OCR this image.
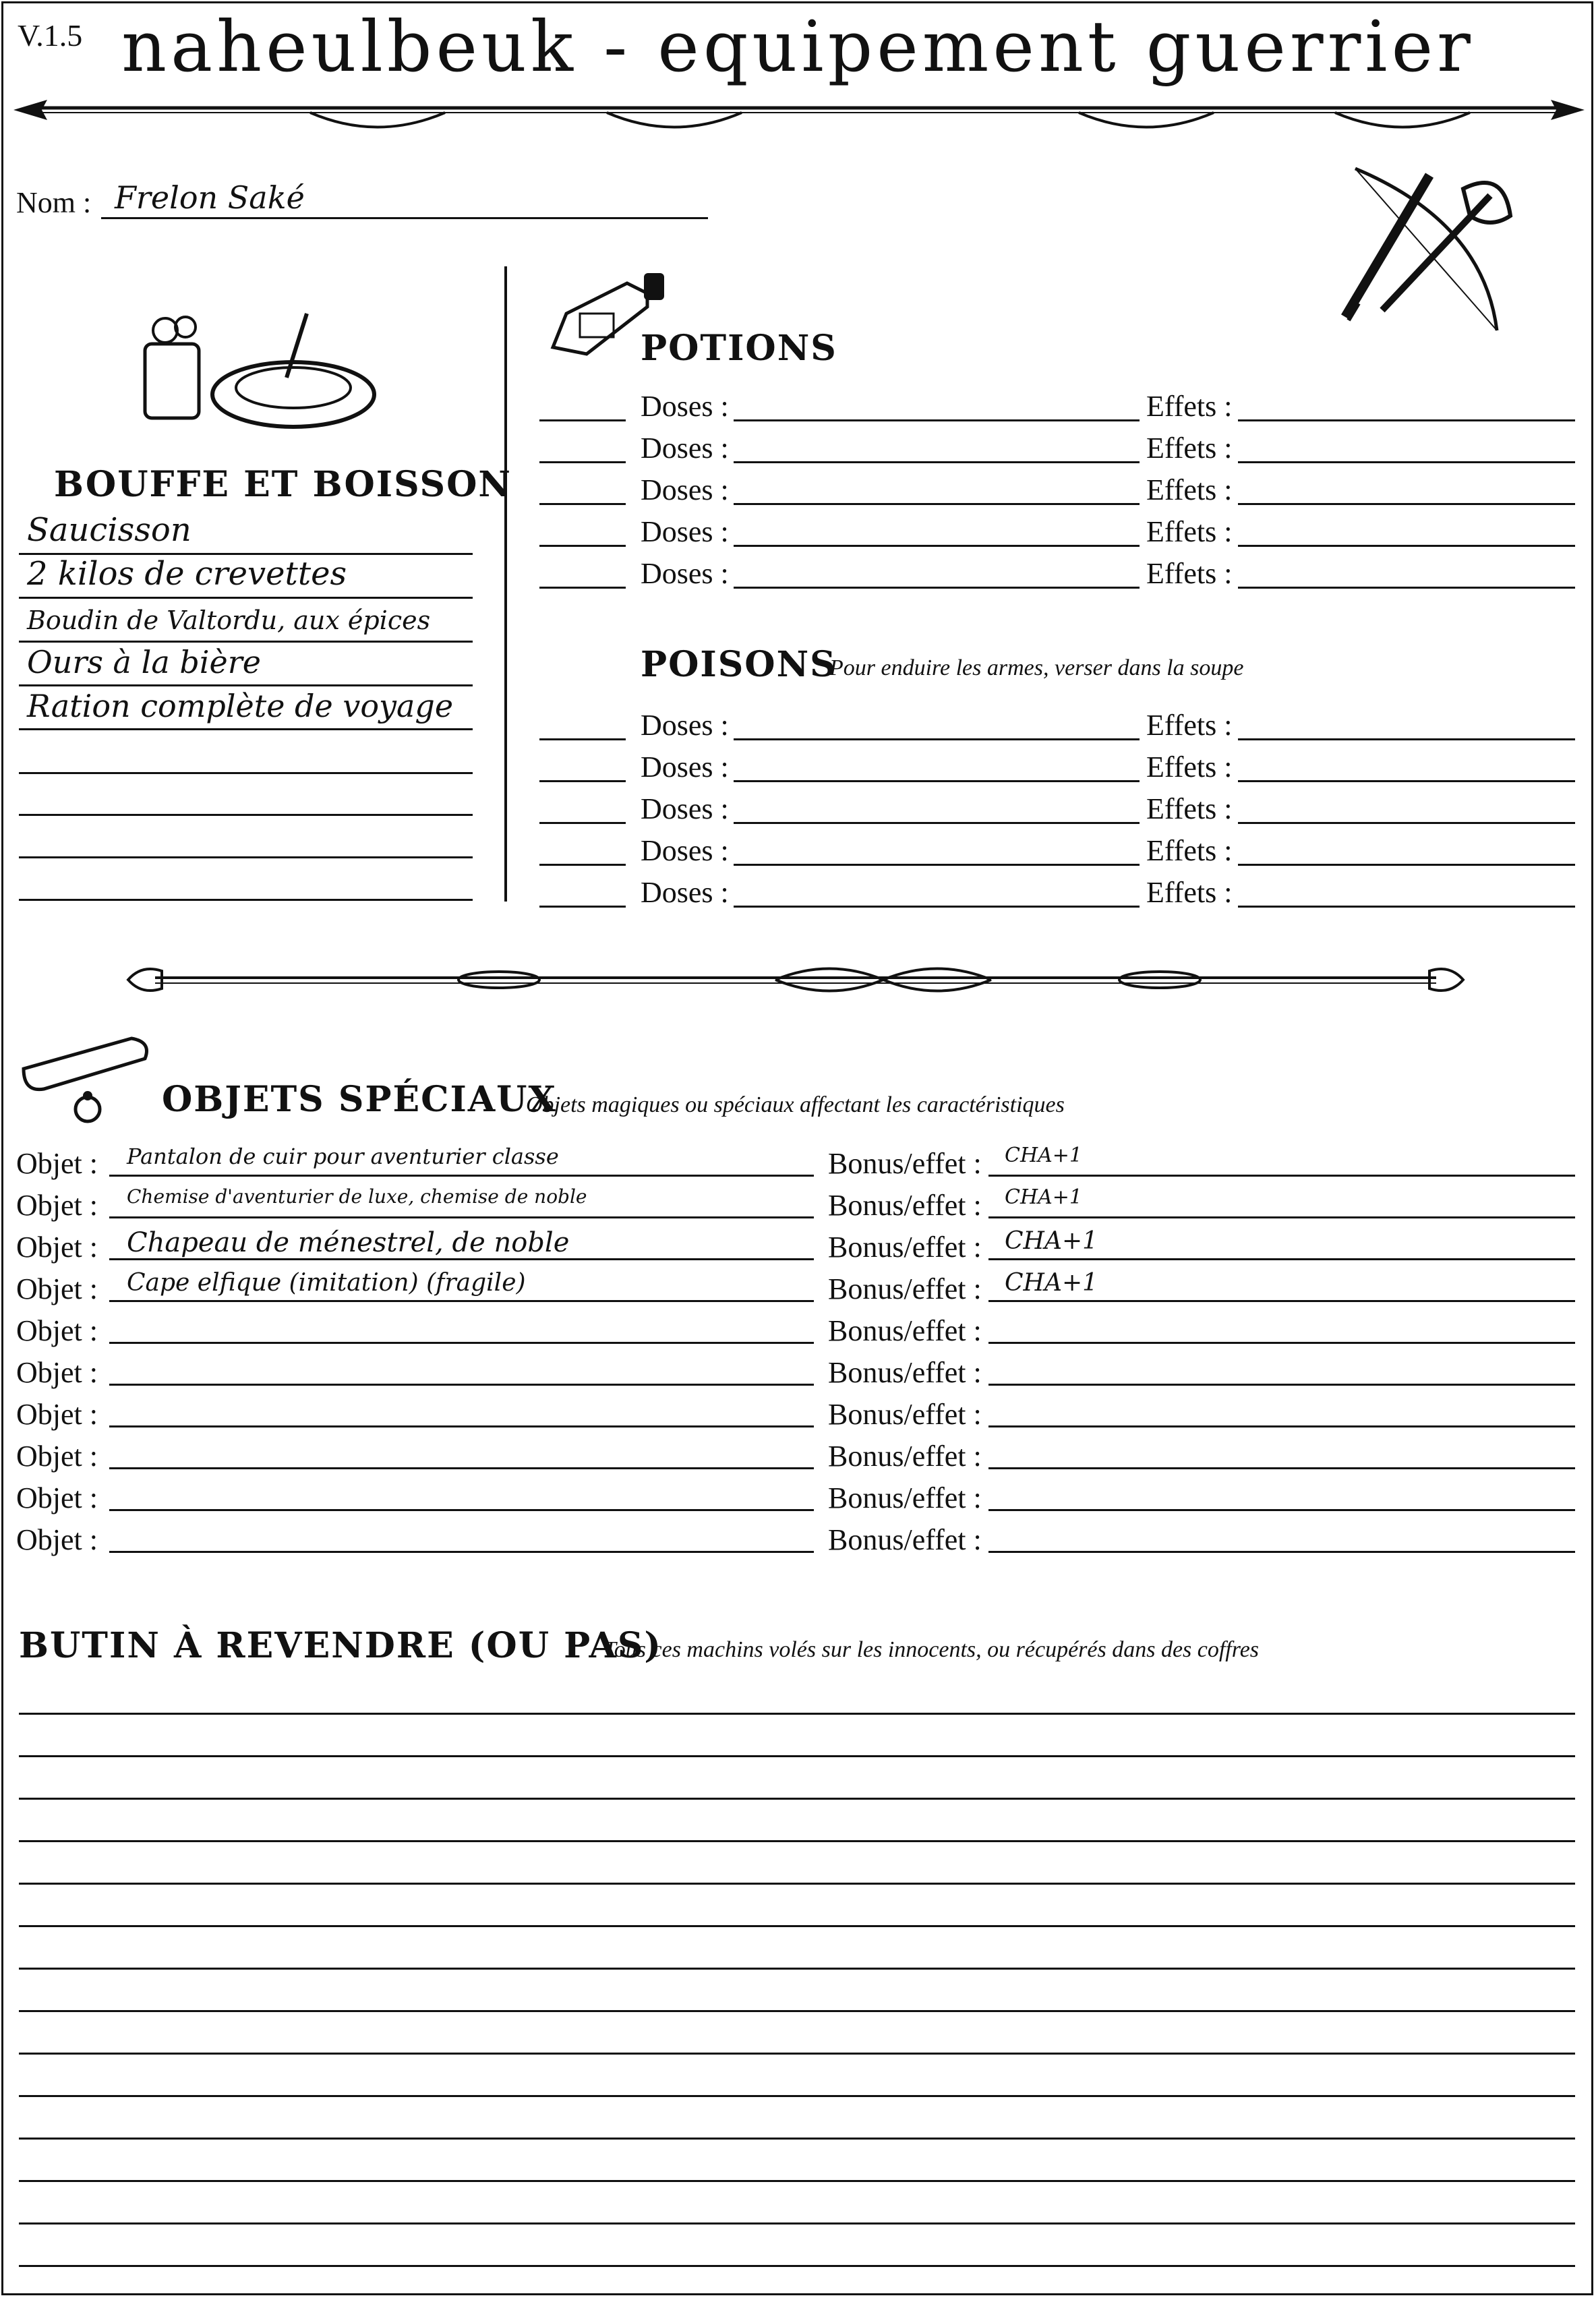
V.1.5 naheulbeuk - equipement guerrier
Nom : Frelon Saké
BOUFFE ET BOISSON
Saucisson
2 kilos de crevettes
Boudin de Valtordu, aux épices
Ours à la bière
Ration complète de voyage
POTIONS
Doses :	Effets :
Doses :	Effets :
Doses :	Effets :
Doses :	Effets :
Doses :	Effets :
POISONS
Pour enduire les armes, verser dans la soupe
Doses :	Effets :
Doses :	Effets :
Doses :	Effets :
Doses :	Effets :
Doses :	Effets :
OBJETS SPÉCIAUX
Objets magiques ou spéciaux affectant les caractéristiques
Objet : Pantalon de cuir pour aventurier classe	Bonus/effet : CHA+1
Objet : Chemise d'aventurier de luxe, chemise de noble	Bonus/effet : CHA+1
Objet : Chapeau de ménestrel, de noble	Bonus/effet : CHA+1
Objet : Cape elfique (imitation) (fragile)	Bonus/effet : CHA+1
Objet :	Bonus/effet :
Objet :	Bonus/effet :
Objet :	Bonus/effet :
Objet :	Bonus/effet :
Objet :	Bonus/effet :
Objet :	Bonus/effet :
BUTIN À REVENDRE (OU PAS)
Tous ces machins volés sur les innocents, ou récupérés dans des coffres
